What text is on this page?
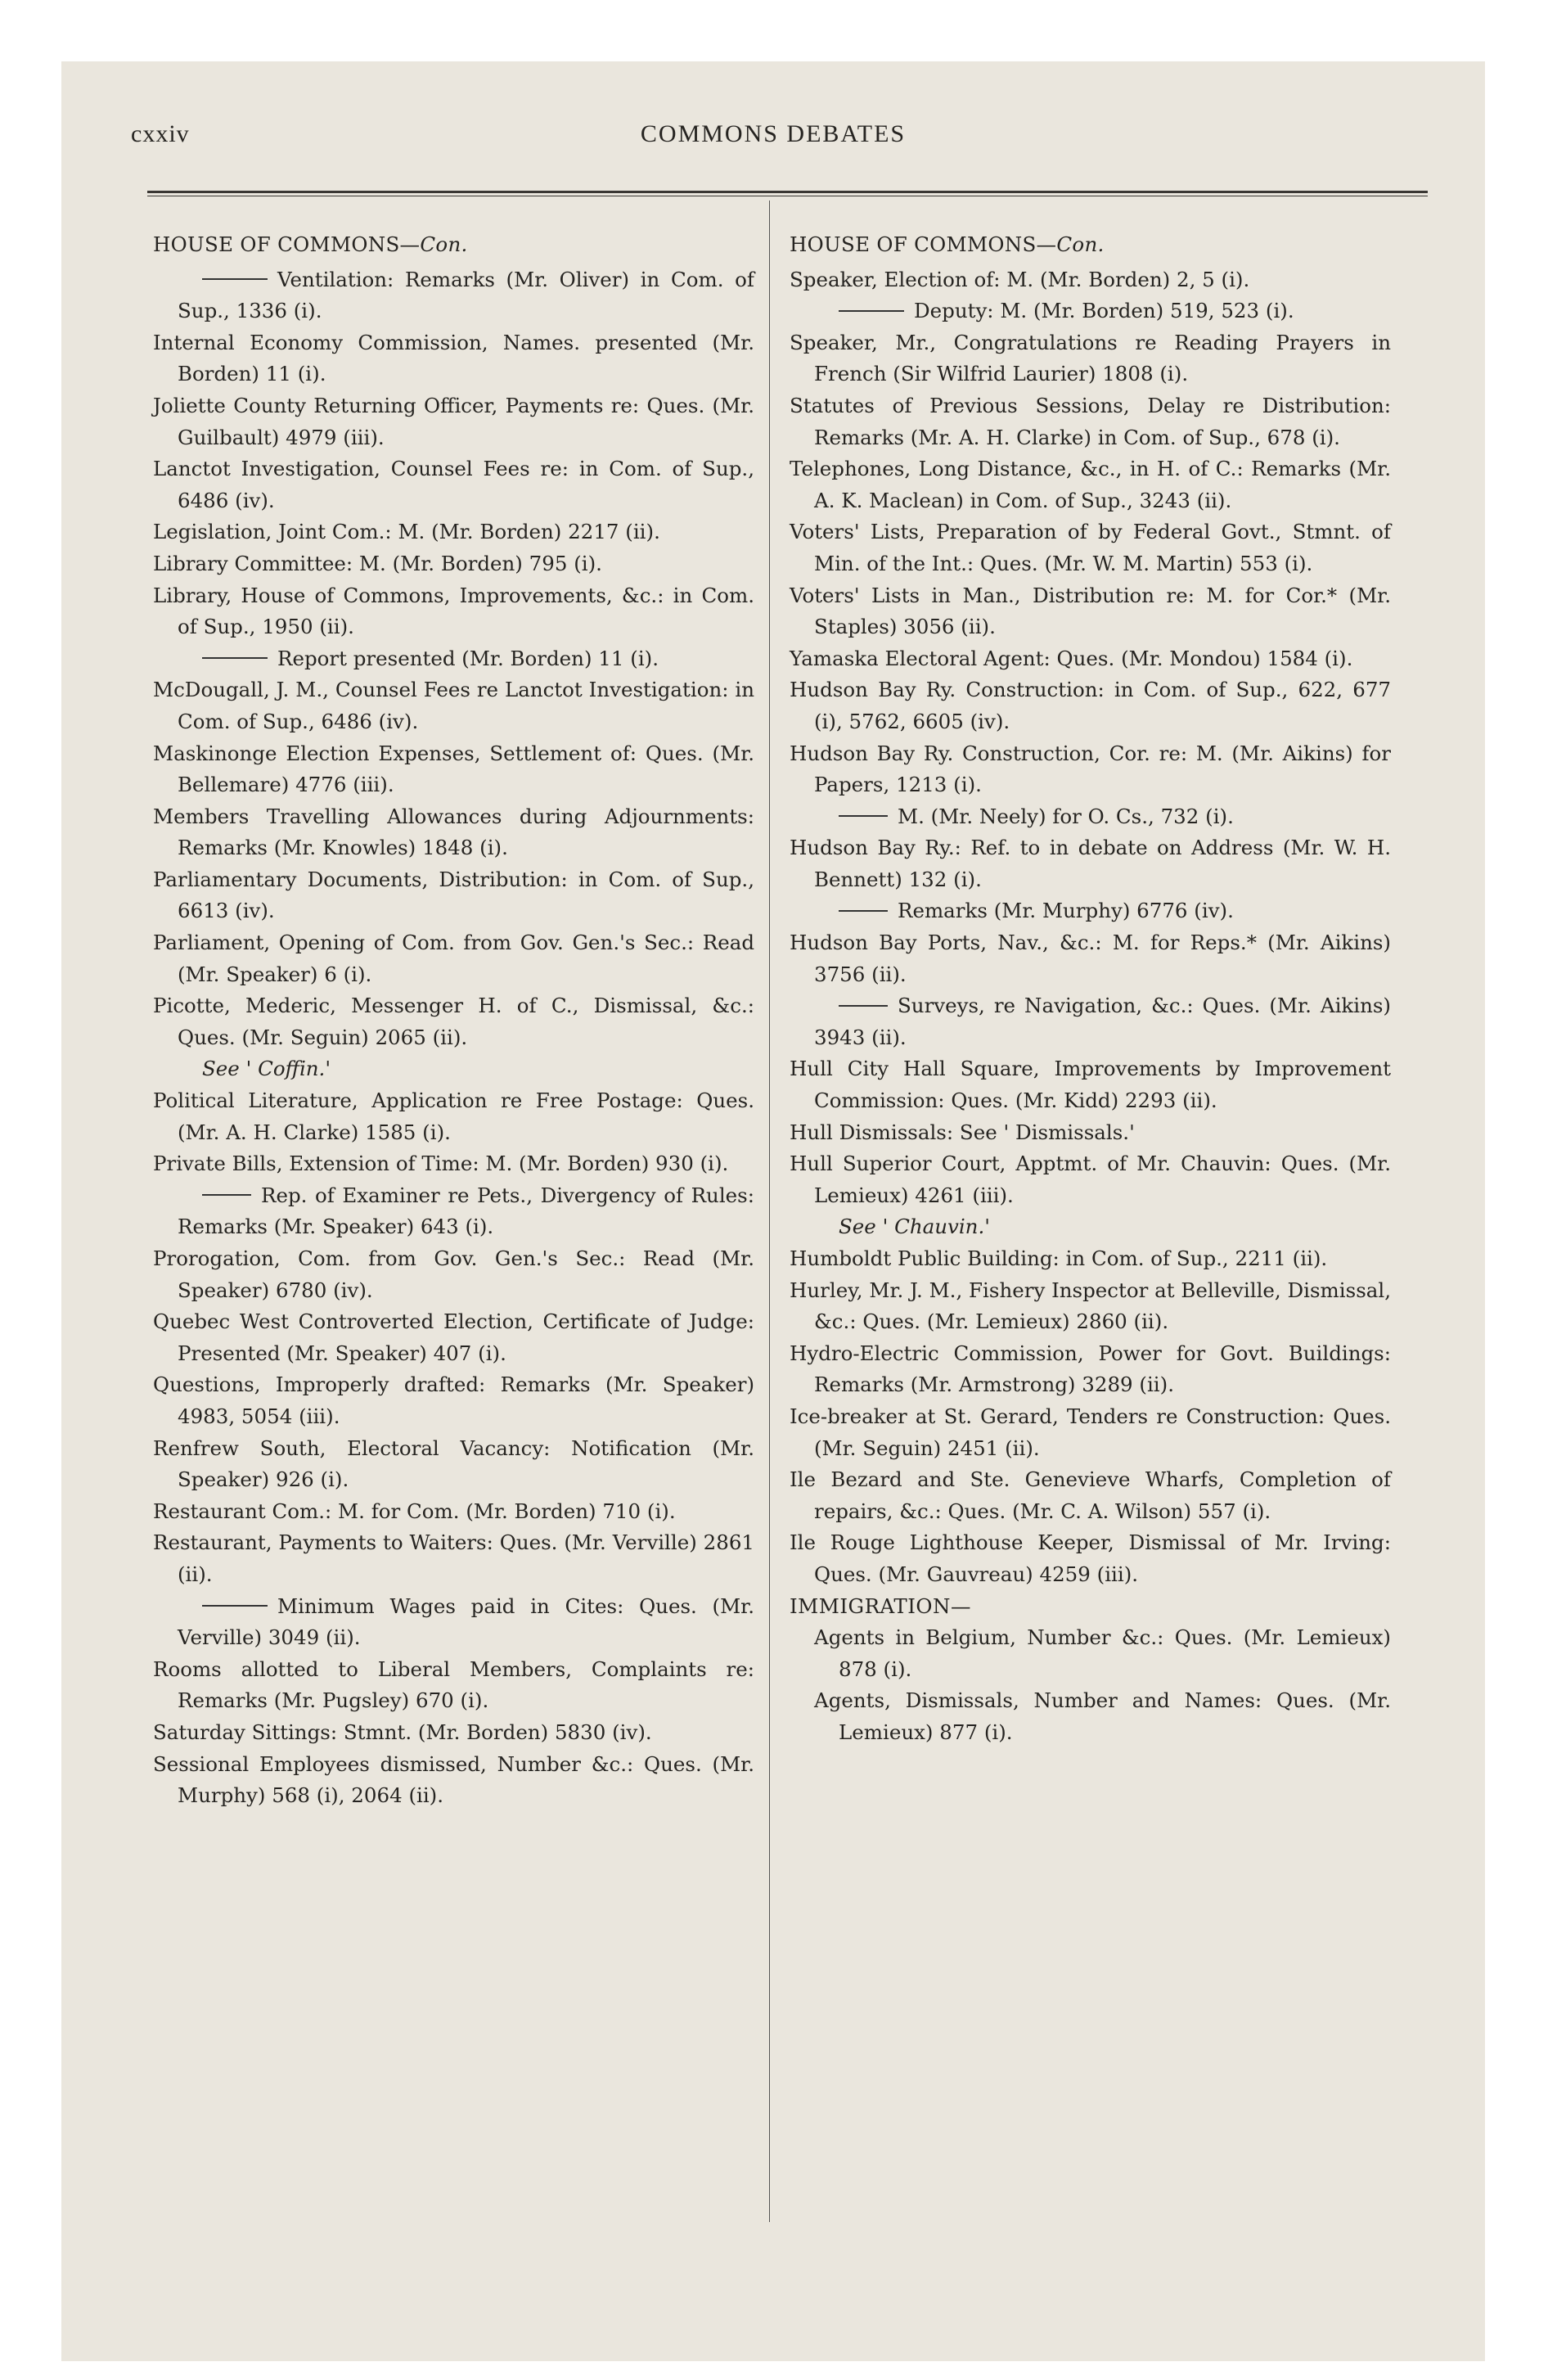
cxxiv	COMMONS DEBATES

HOUSE OF COMMONS—Con.

Ventilation: Remarks (Mr. Oliver) in Com. of Sup., 1336 (i).

Internal Economy Commission, Names. presented (Mr. Borden) 11 (i).

Joliette County Returning Officer, Payments re: Ques. (Mr. Guilbault) 4979 (iii).

Lanctot Investigation, Counsel Fees re: in Com. of Sup., 6486 (iv).

Legislation, Joint Com.: M. (Mr. Borden) 2217 (ii).

Library Committee: M. (Mr. Borden) 795 (i).

Library, House of Commons, Improvements, &c.: in Com. of Sup., 1950 (ii).

Report presented (Mr. Borden) 11 (i).

McDougall, J. M., Counsel Fees re Lanctot Investigation: in Com. of Sup., 6486 (iv).

Maskinonge Election Expenses, Settlement of: Ques. (Mr. Bellemare) 4776 (iii).

Members Travelling Allowances during Adjournments: Remarks (Mr. Knowles) 1848 (i).

Parliamentary Documents, Distribution: in Com. of Sup., 6613 (iv).

Parliament, Opening of Com. from Gov. Gen.'s Sec.: Read (Mr. Speaker) 6 (i).

Picotte, Mederic, Messenger H. of C., Dismissal, &c.: Ques. (Mr. Seguin) 2065 (ii).

See ' Coffin.'

Political Literature, Application re Free Postage: Ques. (Mr. A. H. Clarke) 1585 (i).

Private Bills, Extension of Time: M. (Mr. Borden) 930 (i).

Rep. of Examiner re Pets., Divergency of Rules: Remarks (Mr. Speaker) 643 (i).

Prorogation, Com. from Gov. Gen.'s Sec.: Read (Mr. Speaker) 6780 (iv).

Quebec West Controverted Election, Certificate of Judge: Presented (Mr. Speaker) 407 (i).

Questions, Improperly drafted: Remarks (Mr. Speaker) 4983, 5054 (iii).

Renfrew South, Electoral Vacancy: Notification (Mr. Speaker) 926 (i).

Restaurant Com.: M. for Com. (Mr. Borden) 710 (i).

Restaurant, Payments to Waiters: Ques. (Mr. Verville) 2861 (ii).

Minimum Wages paid in Cites: Ques. (Mr. Verville) 3049 (ii).

Rooms allotted to Liberal Members, Complaints re: Remarks (Mr. Pugsley) 670 (i).

Saturday Sittings: Stmnt. (Mr. Borden) 5830 (iv).

Sessional Employees dismissed, Number &c.: Ques. (Mr. Murphy) 568 (i), 2064 (ii).

HOUSE OF COMMONS—Con.

Speaker, Election of: M. (Mr. Borden) 2, 5 (i).

Deputy: M. (Mr. Borden) 519, 523 (i).

Speaker, Mr., Congratulations re Reading Prayers in French (Sir Wilfrid Laurier) 1808 (i).

Statutes of Previous Sessions, Delay re Distribution: Remarks (Mr. A. H. Clarke) in Com. of Sup., 678 (i).

Telephones, Long Distance, &c., in H. of C.: Remarks (Mr. A. K. Maclean) in Com. of Sup., 3243 (ii).

Voters' Lists, Preparation of by Federal Govt., Stmnt. of Min. of the Int.: Ques. (Mr. W. M. Martin) 553 (i).

Voters' Lists in Man., Distribution re: M. for Cor.* (Mr. Staples) 3056 (ii).

Yamaska Electoral Agent: Ques. (Mr. Mondou) 1584 (i).

Hudson Bay Ry. Construction: in Com. of Sup., 622, 677 (i), 5762, 6605 (iv).

Hudson Bay Ry. Construction, Cor. re: M. (Mr. Aikins) for Papers, 1213 (i).

M. (Mr. Neely) for O. Cs., 732 (i).

Hudson Bay Ry.: Ref. to in debate on Address (Mr. W. H. Bennett) 132 (i).

Remarks (Mr. Murphy) 6776 (iv).

Hudson Bay Ports, Nav., &c.: M. for Reps.* (Mr. Aikins) 3756 (ii).

Surveys, re Navigation, &c.: Ques. (Mr. Aikins) 3943 (ii).

Hull City Hall Square, Improvements by Improvement Commission: Ques. (Mr. Kidd) 2293 (ii).

Hull Dismissals: See ' Dismissals.'

Hull Superior Court, Apptmt. of Mr. Chauvin: Ques. (Mr. Lemieux) 4261 (iii).

See ' Chauvin.'

Humboldt Public Building: in Com. of Sup., 2211 (ii).

Hurley, Mr. J. M., Fishery Inspector at Belleville, Dismissal, &c.: Ques. (Mr. Lemieux) 2860 (ii).

Hydro-Electric Commission, Power for Govt. Buildings: Remarks (Mr. Armstrong) 3289 (ii).

Ice-breaker at St. Gerard, Tenders re Construction: Ques. (Mr. Seguin) 2451 (ii).

Ile Bezard and Ste. Genevieve Wharfs, Completion of repairs, &c.: Ques. (Mr. C. A. Wilson) 557 (i).

Ile Rouge Lighthouse Keeper, Dismissal of Mr. Irving: Ques. (Mr. Gauvreau) 4259 (iii).

IMMIGRATION—

Agents in Belgium, Number &c.: Ques. (Mr. Lemieux) 878 (i).

Agents, Dismissals, Number and Names: Ques. (Mr. Lemieux) 877 (i).
